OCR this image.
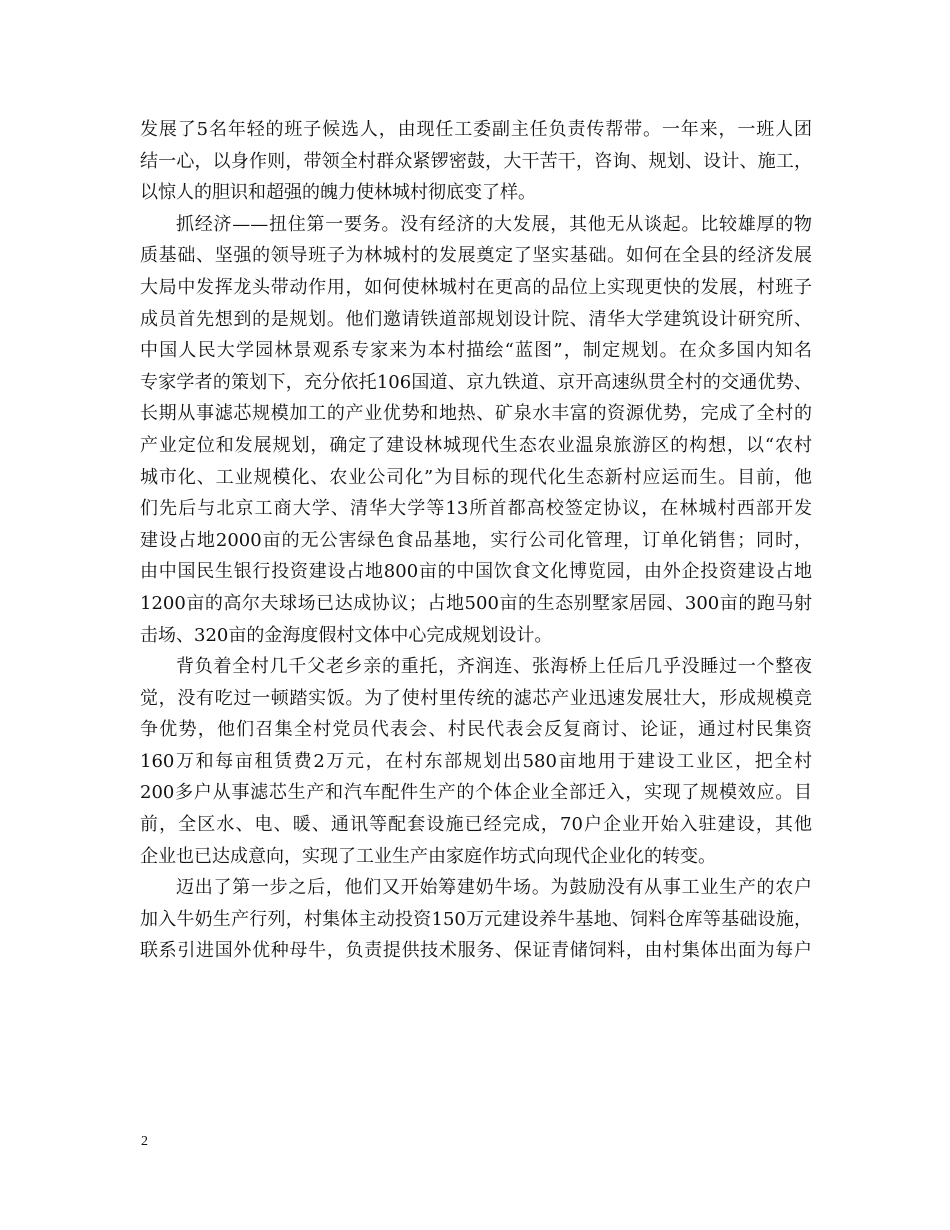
发展了5名年轻的班子候选人，由现任工委副主任负责传帮带。一年来，一班人团
结一心，以身作则，带领全村群众紧锣密鼓，大干苦干，咨询、规划、设计、施工，
以惊人的胆识和超强的魄力使林城村彻底变了样。
抓经济——扭住第一要务。没有经济的大发展，其他无从谈起。比较雄厚的物
质基础、坚强的领导班子为林城村的发展奠定了坚实基础。如何在全县的经济发展
大局中发挥龙头带动作用，如何使林城村在更高的品位上实现更快的发展，村班子
成员首先想到的是规划。他们邀请铁道部规划设计院、清华大学建筑设计研究所、
中国人民大学园林景观系专家来为本村描绘“蓝图”，制定规划。在众多国内知名
专家学者的策划下，充分依托106国道、京九铁道、京开高速纵贯全村的交通优势、
长期从事滤芯规模加工的产业优势和地热、矿泉水丰富的资源优势，完成了全村的
产业定位和发展规划，确定了建设林城现代生态农业温泉旅游区的构想，以“农村
城市化、工业规模化、农业公司化”为目标的现代化生态新村应运而生。目前，他
们先后与北京工商大学、清华大学等13所首都高校签定协议，在林城村西部开发
建设占地2000亩的无公害绿色食品基地，实行公司化管理，订单化销售；同时，
由中国民生银行投资建设占地800亩的中国饮食文化博览园，由外企投资建设占地
1200亩的高尔夫球场已达成协议；占地500亩的生态别墅家居园、300亩的跑马射
击场、320亩的金海度假村文体中心完成规划设计。
背负着全村几千父老乡亲的重托，齐润连、张海桥上任后几乎没睡过一个整夜
觉，没有吃过一顿踏实饭。为了使村里传统的滤芯产业迅速发展壮大，形成规模竞
争优势，他们召集全村党员代表会、村民代表会反复商讨、论证，通过村民集资
160万和每亩租赁费2万元，在村东部规划出580亩地用于建设工业区，把全村
200多户从事滤芯生产和汽车配件生产的个体企业全部迁入，实现了规模效应。目
前，全区水、电、暖、通讯等配套设施已经完成，70户企业开始入驻建设，其他
企业也已达成意向，实现了工业生产由家庭作坊式向现代企业化的转变。
迈出了第一步之后，他们又开始筹建奶牛场。为鼓励没有从事工业生产的农户
加入牛奶生产行列，村集体主动投资150万元建设养牛基地、饲料仓库等基础设施，
联系引进国外优种母牛，负责提供技术服务、保证青储饲料，由村集体出面为每户
2
